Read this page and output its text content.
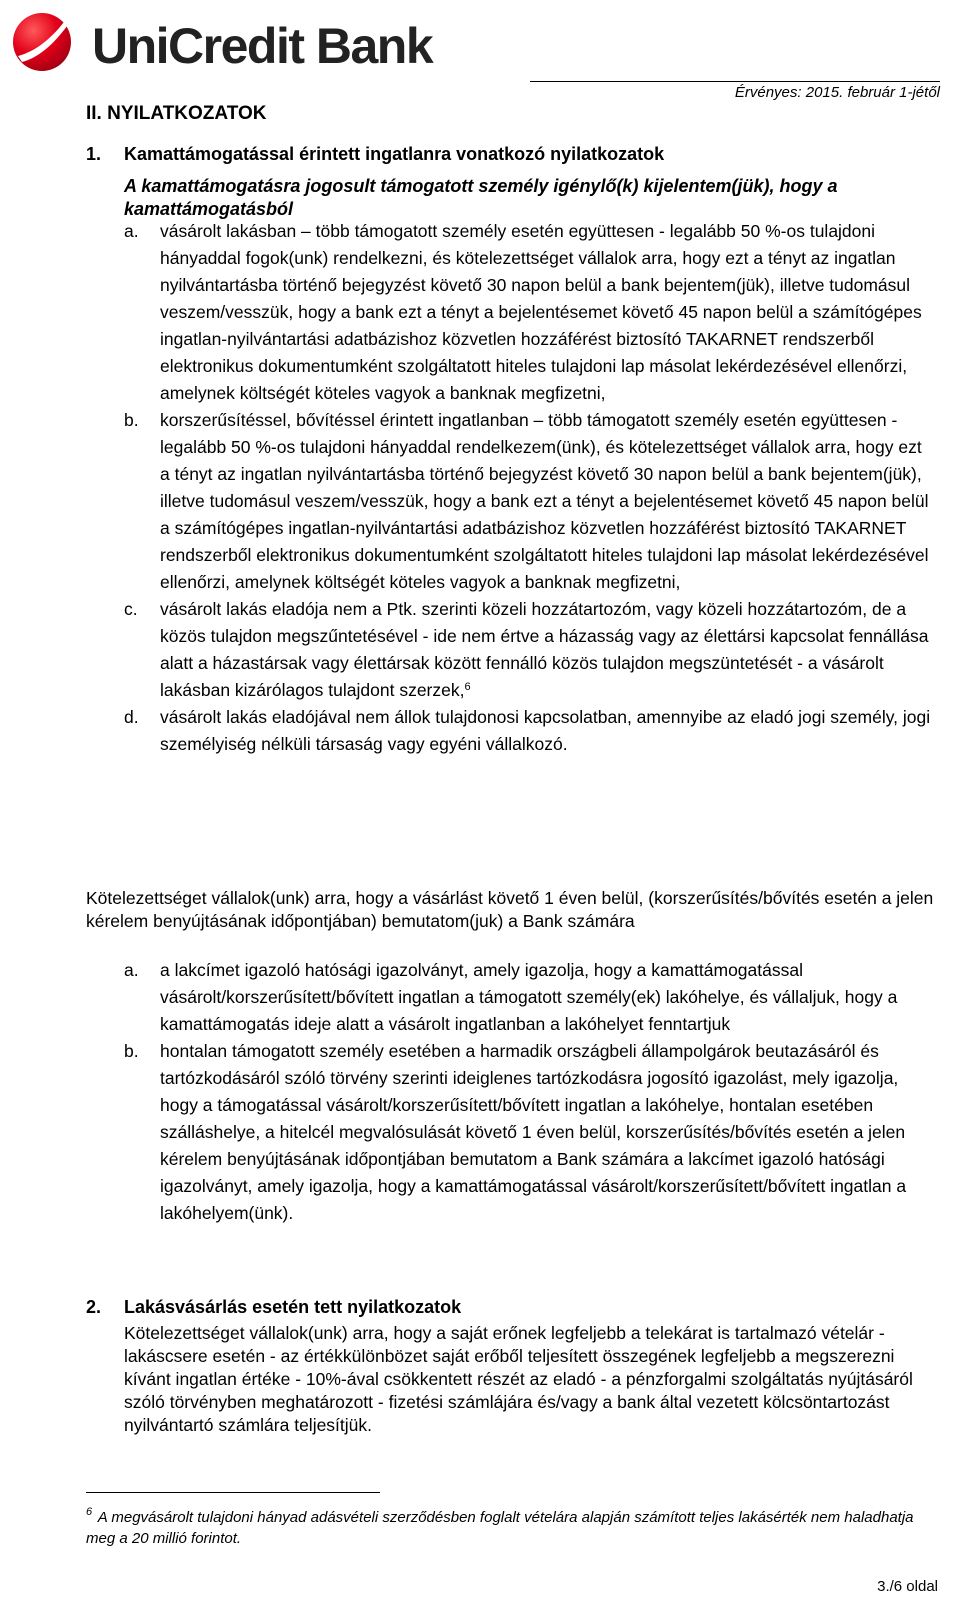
UniCredit Bank
Érvényes: 2015. február 1-jétől
II. NYILATKOZATOK
1. Kamattámogatással érintett ingatlanra vonatkozó nyilatkozatok
A kamattámogatásra jogosult támogatott személy igénylő(k) kijelentem(jük), hogy a kamattámogatásból
a. vásárolt lakásban – több támogatott személy esetén együttesen - legalább 50 %-os tulajdoni hányaddal fogok(unk) rendelkezni, és kötelezettséget vállalok arra, hogy ezt a tényt az ingatlan nyilvántartásba történő bejegyzést követő 30 napon belül a bank bejentem(jük), illetve tudomásul veszem/vesszük, hogy a bank ezt a tényt a bejelentésemet követő 45 napon belül a számítógépes ingatlan-nyilvántartási adatbázishoz közvetlen hozzáférést biztosító TAKARNET rendszerből elektronikus dokumentumként szolgáltatott hiteles tulajdoni lap másolat lekérdezésével ellenőrzi, amelynek költségét köteles vagyok a banknak megfizetni,
b. korszerűsítéssel, bővítéssel érintett ingatlanban – több támogatott személy esetén együttesen - legalább 50 %-os tulajdoni hányaddal rendelkezem(ünk), és kötelezettséget vállalok arra, hogy ezt a tényt az ingatlan nyilvántartásba történő bejegyzést követő 30 napon belül a bank bejentem(jük), illetve tudomásul veszem/vesszük, hogy a bank ezt a tényt a bejelentésemet követő 45 napon belül a számítógépes ingatlan-nyilvántartási adatbázishoz közvetlen hozzáférést biztosító TAKARNET rendszerből elektronikus dokumentumként szolgáltatott hiteles tulajdoni lap másolat lekérdezésével ellenőrzi, amelynek költségét köteles vagyok a banknak megfizetni,
c. vásárolt lakás eladója nem a Ptk. szerinti közeli hozzátartozóm, vagy közeli hozzátartozóm, de a közös tulajdon megszűntetésével - ide nem értve a házasság vagy az élettársi kapcsolat fennállása alatt a házastársak vagy élettársak között fennálló közös tulajdon megszüntetését - a vásárolt lakásban kizárólagos tulajdont szerzek,$^6$
d. vásárolt lakás eladójával nem állok tulajdonosi kapcsolatban, amennyibe az eladó jogi személy, jogi személyiség nélküli társaság vagy egyéni vállalkozó.
Kötelezettséget vállalok(unk) arra, hogy a vásárlást követő 1 éven belül, (korszerűsítés/bővítés esetén a jelen kérelem benyújtásának időpontjában) bemutatom(juk) a Bank számára
a. a lakcímet igazoló hatósági igazolványt, amely igazolja, hogy a kamattámogatással vásárolt/korszerűsített/bővített ingatlan a támogatott személy(ek) lakóhelye, és vállaljuk, hogy a kamattámogatás ideje alatt a vásárolt ingatlanban a lakóhelyet fenntartjuk
b. hontalan támogatott személy esetében a harmadik országbeli állampolgárok beutazásáról és tartózkodásáról szóló törvény szerinti ideiglenes tartózkodásra jogosító igazolást, mely igazolja, hogy a támogatással vásárolt/korszerűsített/bővített ingatlan a lakóhelye, hontalan esetében szálláshelye, a hitelcél megvalósulását követő 1 éven belül, korszerűsítés/bővítés esetén a jelen kérelem benyújtásának időpontjában bemutatom a Bank számára a lakcímet igazoló hatósági igazolványt, amely igazolja, hogy a kamattámogatással vásárolt/korszerűsített/bővített ingatlan a lakóhelyem(ünk).
2. Lakásvásárlás esetén tett nyilatkozatok
Kötelezettséget vállalok(unk) arra, hogy a saját erőnek legfeljebb a telekárat is tartalmazó vételár - lakáscsere esetén - az értékkülönbözet saját erőből teljesített összegének legfeljebb a megszerezni kívánt ingatlan értéke - 10%-ával csökkentett részét az eladó - a pénzforgalmi szolgáltatás nyújtásáról szóló törvényben meghatározott - fizetési számlájára és/vagy a bank által vezetett kölcsöntartozást nyilvántartó számlára teljesítjük.
$^6$ A megvásárolt tulajdoni hányad adásvételi szerződésben foglalt vételára alapján számított teljes lakásérték nem haladhatja meg a 20 millió forintot.
3./6 oldal
